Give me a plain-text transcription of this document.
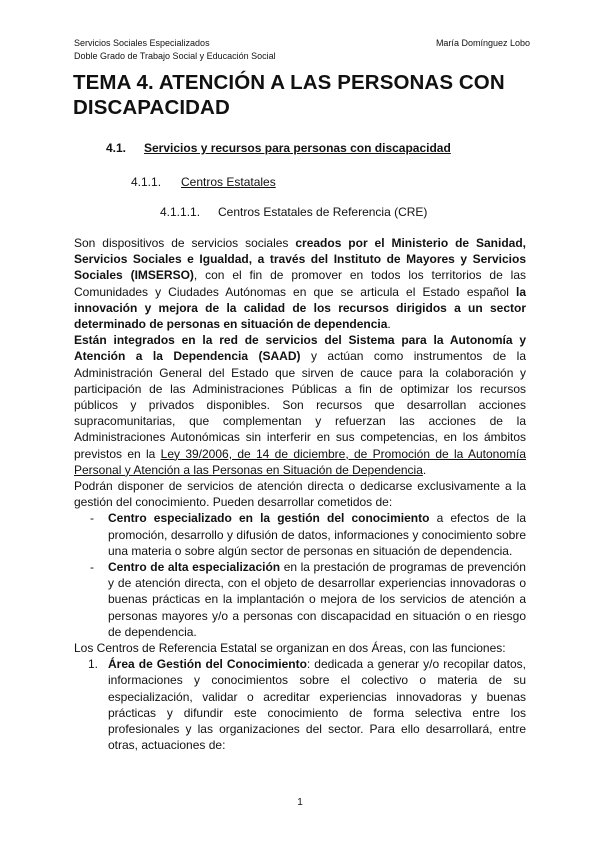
Servicios Sociales Especializados	María Domínguez Lobo
Doble Grado de Trabajo Social y Educación Social
TEMA 4. ATENCIÓN A LAS PERSONAS CON DISCAPACIDAD
4.1. Servicios y recursos para personas con discapacidad
4.1.1. Centros Estatales
4.1.1.1. Centros Estatales de Referencia (CRE)

Son dispositivos de servicios sociales creados por el Ministerio de Sanidad, Servicios Sociales e Igualdad, a través del Instituto de Mayores y Servicios Sociales (IMSERSO), con el fin de promover en todos los territorios de las Comunidades y Ciudades Autónomas en que se articula el Estado español la innovación y mejora de la calidad de los recursos dirigidos a un sector determinado de personas en situación de dependencia.

Están integrados en la red de servicios del Sistema para la Autonomía y Atención a la Dependencia (SAAD) y actúan como instrumentos de la Administración General del Estado que sirven de cauce para la colaboración y participación de las Administraciones Públicas a fin de optimizar los recursos públicos y privados disponibles. Son recursos que desarrollan acciones supracomunitarias, que complementan y refuerzan las acciones de la Administraciones Autonómicas sin interferir en sus competencias, en los ámbitos previstos en la Ley 39/2006, de 14 de diciembre, de Promoción de la Autonomía Personal y Atención a las Personas en Situación de Dependencia.

Podrán disponer de servicios de atención directa o dedicarse exclusivamente a la gestión del conocimiento. Pueden desarrollar cometidos de:

- Centro especializado en la gestión del conocimiento a efectos de la promoción, desarrollo y difusión de datos, informaciones y conocimiento sobre una materia o sobre algún sector de personas en situación de dependencia.
- Centro de alta especialización en la prestación de programas de prevención y de atención directa, con el objeto de desarrollar experiencias innovadoras o buenas prácticas en la implantación o mejora de los servicios de atención a personas mayores y/o a personas con discapacidad en situación o en riesgo de dependencia.

Los Centros de Referencia Estatal se organizan en dos Áreas, con las funciones:

1. Área de Gestión del Conocimiento: dedicada a generar y/o recopilar datos, informaciones y conocimientos sobre el colectivo o materia de su especialización, validar o acreditar experiencias innovadoras y buenas prácticas y difundir este conocimiento de forma selectiva entre los profesionales y las organizaciones del sector. Para ello desarrollará, entre otras, actuaciones de:
1
